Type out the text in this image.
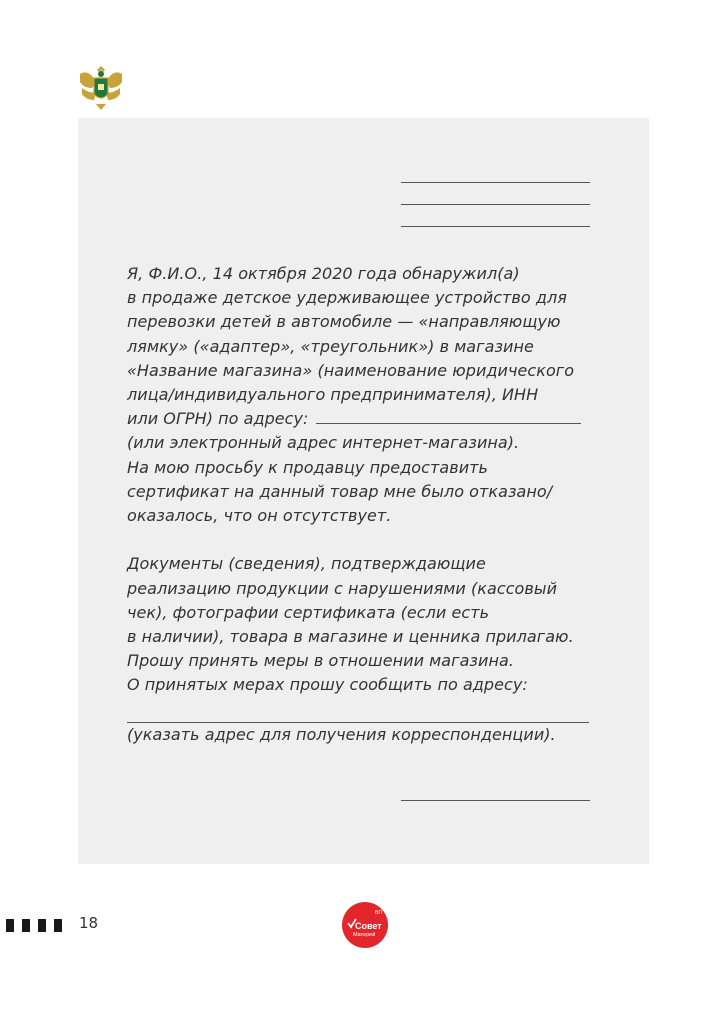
Я, Ф.И.О., 14 октября 2020 года обнаружил(а)
в продаже детское удерживающее устройство для
перевозки детей в автомобиле — «направляющую
лямку» («адаптер», «треугольник») в магазине
«Название магазина» (наименование юридического
лица/индивидуального предпринимателя), ИНН
или ОГРН) по адресу:
(или электронный адрес интернет-магазина).
На мою просьбу к продавцу предоставить
сертификат на данный товар мне было отказано/
оказалось, что он отсутствует.
Документы (сведения), подтверждающие
реализацию продукции с нарушениями (кассовый
чек), фотографии сертификата (если есть
в наличии), товара в магазине и ценника прилагаю.
Прошу принять меры в отношении магазина.
О принятых мерах прошу сообщить по адресу:
(указать адрес для получения корреспонденции).
18
ВП
Совет
Матерей
